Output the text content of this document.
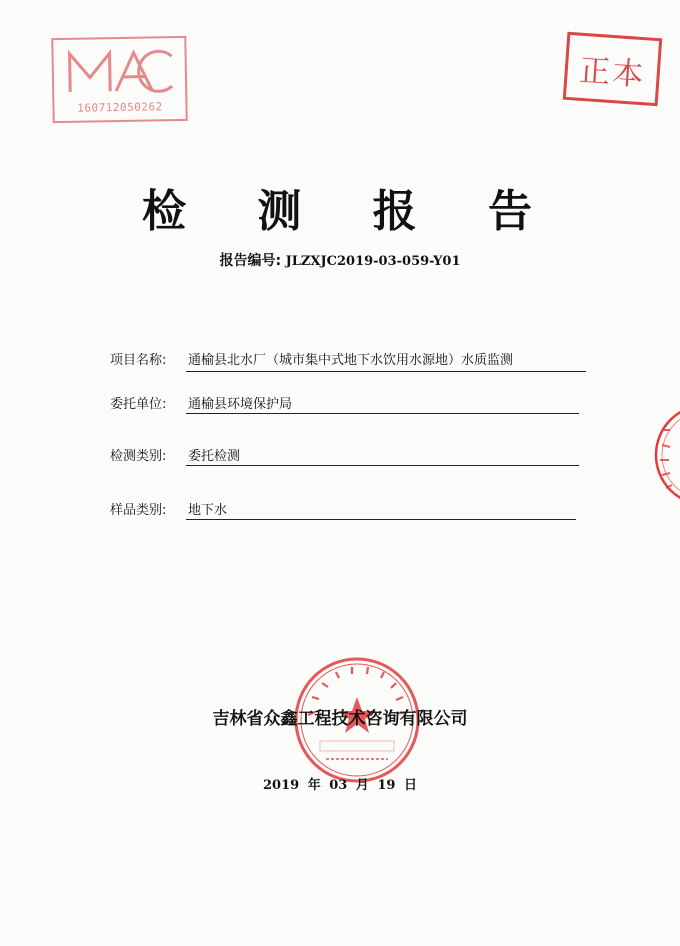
160712050262
正本
检 测 报 告
报告编号: JLZXJC2019-03-059-Y01
项目名称: 通榆县北水厂（城市集中式地下水饮用水源地）水质监测
委托单位: 通榆县环境保护局
检测类别: 委托检测
样品类别: 地下水
吉林省众鑫工程技术咨询有限公司
2019 年 03 月 19 日
